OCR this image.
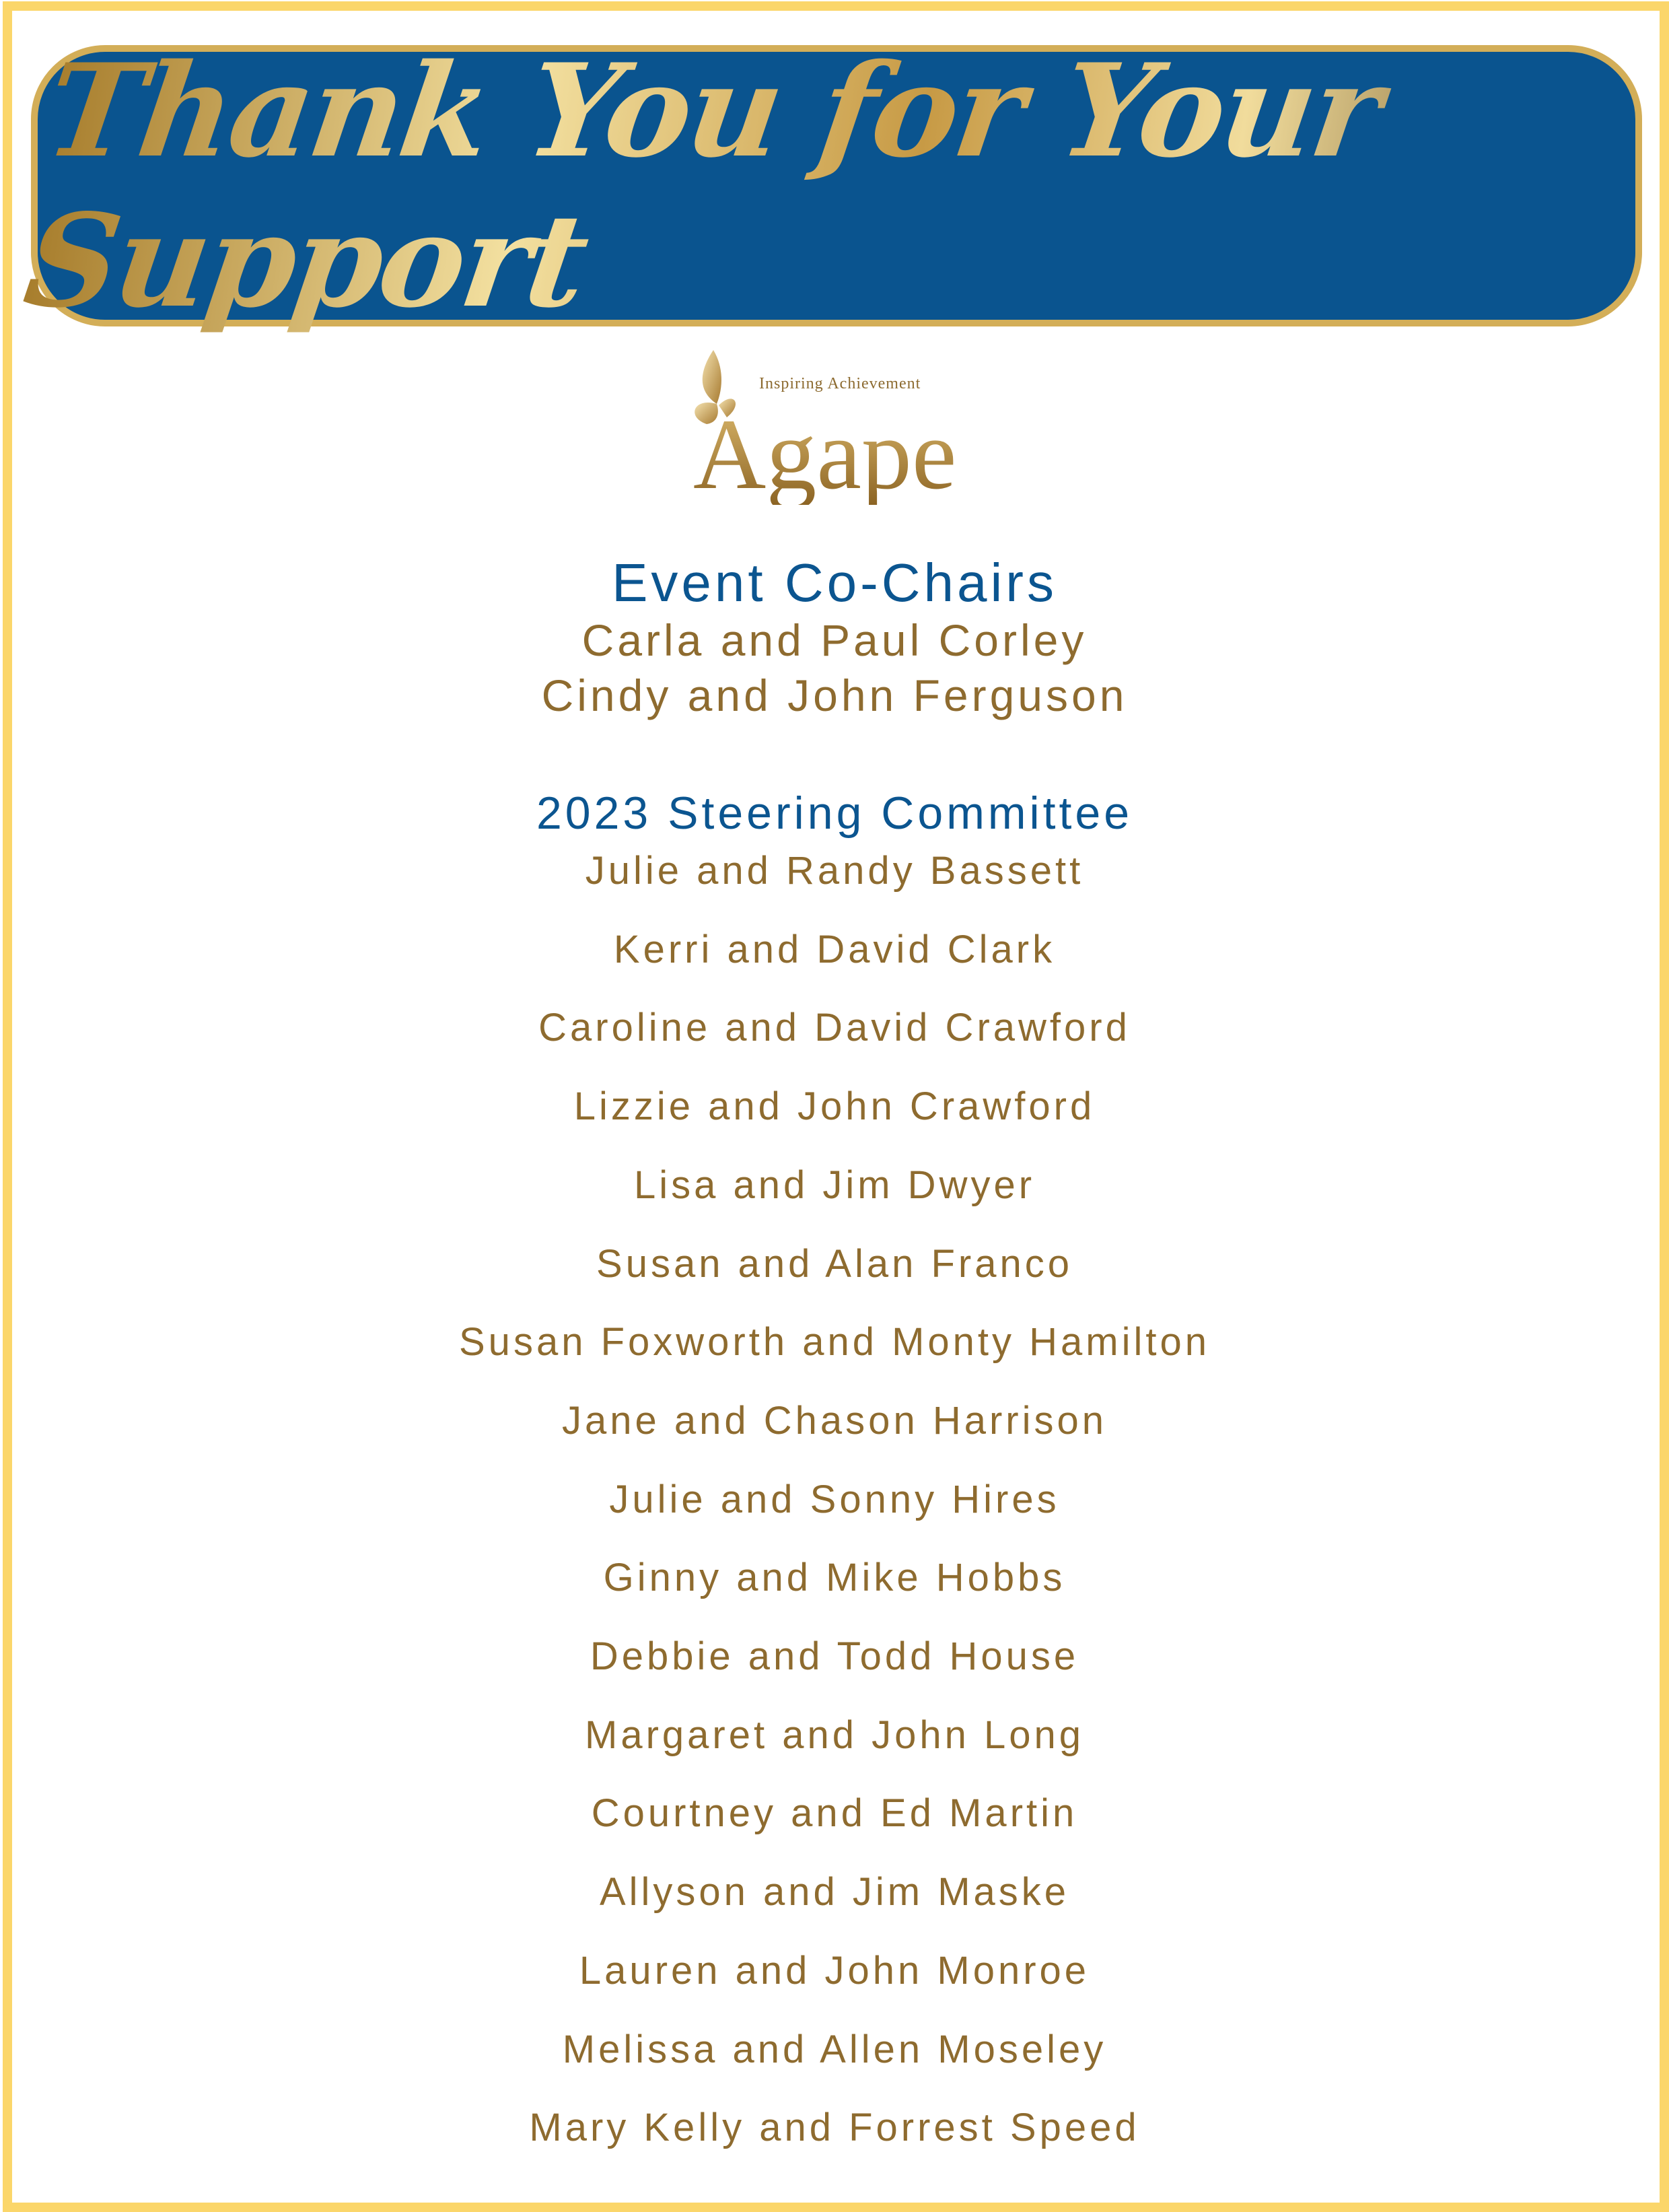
Thank You for Your Support
Inspiring Achievement
Agape
Event Co-Chairs
Carla and Paul Corley
Cindy and John Ferguson
2023 Steering Committee
Julie and Randy Bassett
Kerri and David Clark
Caroline and David Crawford
Lizzie and John Crawford
Lisa and Jim Dwyer
Susan and Alan Franco
Susan Foxworth and Monty Hamilton
Jane and Chason Harrison
Julie and Sonny Hires
Ginny and Mike Hobbs
Debbie and Todd House
Margaret and John Long
Courtney and Ed Martin
Allyson and Jim Maske
Lauren and John Monroe
Melissa and Allen Moseley
Mary Kelly and Forrest Speed
